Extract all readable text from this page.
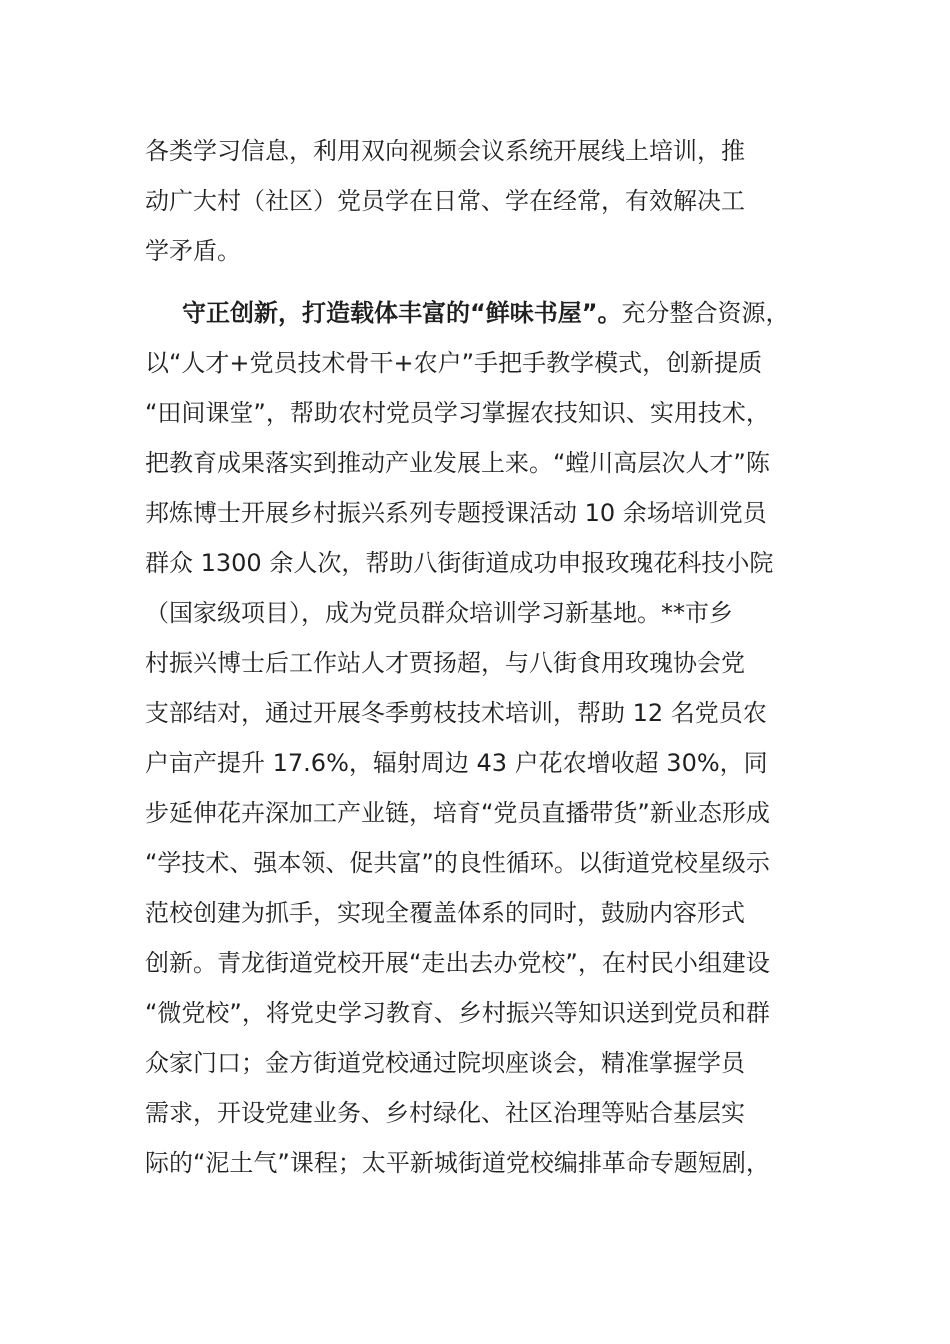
各类学习信息，利用双向视频会议系统开展线上培训，推
动广大村（社区）党员学在日常、学在经常，有效解决工
学矛盾。
守正创新，打造载体丰富的“鲜味书屋”。充分整合资源，
以“人才+党员技术骨干+农户”手把手教学模式，创新提质
“田间课堂”，帮助农村党员学习掌握农技知识、实用技术，
把教育成果落实到推动产业发展上来。“螳川高层次人才”陈
邦炼博士开展乡村振兴系列专题授课活动 10 余场培训党员
群众 1300 余人次，帮助八街街道成功申报玫瑰花科技小院
（国家级项目），成为党员群众培训学习新基地。**市乡
村振兴博士后工作站人才贾扬超，与八街食用玫瑰协会党
支部结对，通过开展冬季剪枝技术培训，帮助 12 名党员农
户亩产提升 17.6%，辐射周边 43 户花农增收超 30%，同
步延伸花卉深加工产业链，培育“党员直播带货”新业态形成
“学技术、强本领、促共富”的良性循环。以街道党校星级示
范校创建为抓手，实现全覆盖体系的同时，鼓励内容形式
创新。青龙街道党校开展“走出去办党校”，在村民小组建设
“微党校”，将党史学习教育、乡村振兴等知识送到党员和群
众家门口；金方街道党校通过院坝座谈会，精准掌握学员
需求，开设党建业务、乡村绿化、社区治理等贴合基层实
际的“泥土气”课程；太平新城街道党校编排革命专题短剧，
